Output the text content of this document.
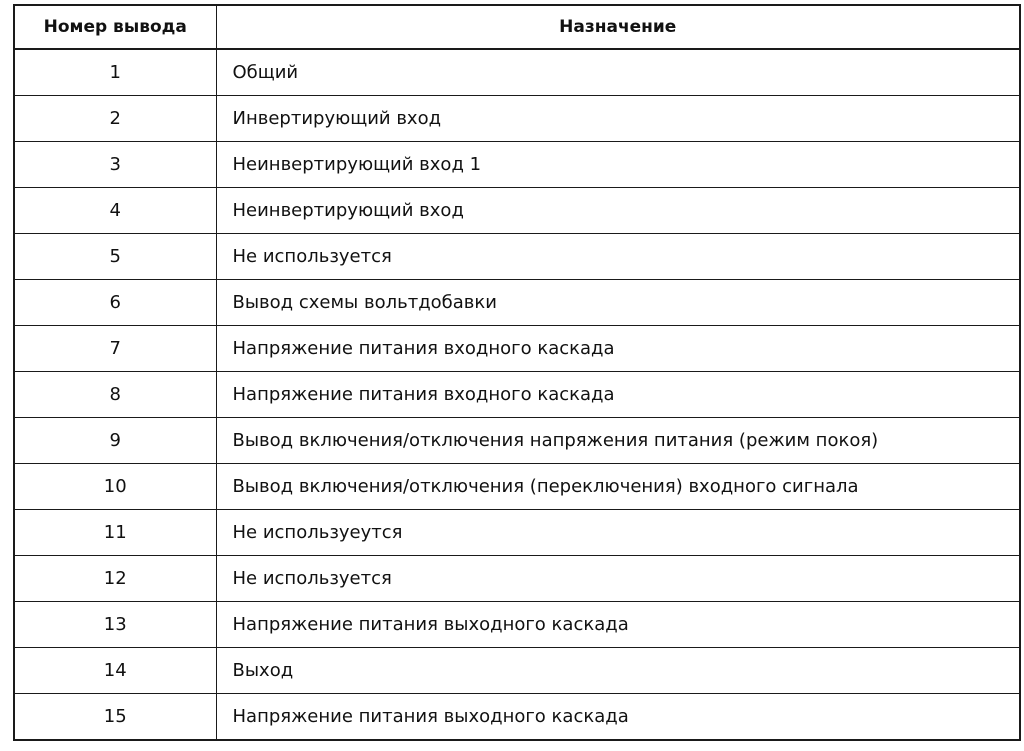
Номер вывода	Назначение
1	Общий
2	Инвертирующий вход
3	Неинвертирующий вход 1
4	Неинвертирующий вход
5	Не используется
6	Вывод схемы вольтдобавки
7	Напряжение питания входного каскада
8	Напряжение питания входного каскада
9	Вывод включения/отключения напряжения питания (режим покоя)
10	Вывод включения/отключения (переключения) входного сигнала
11	Не используеутся
12	Не используется
13	Напряжение питания выходного каскада
14	Выход
15	Напряжение питания выходного каскада
